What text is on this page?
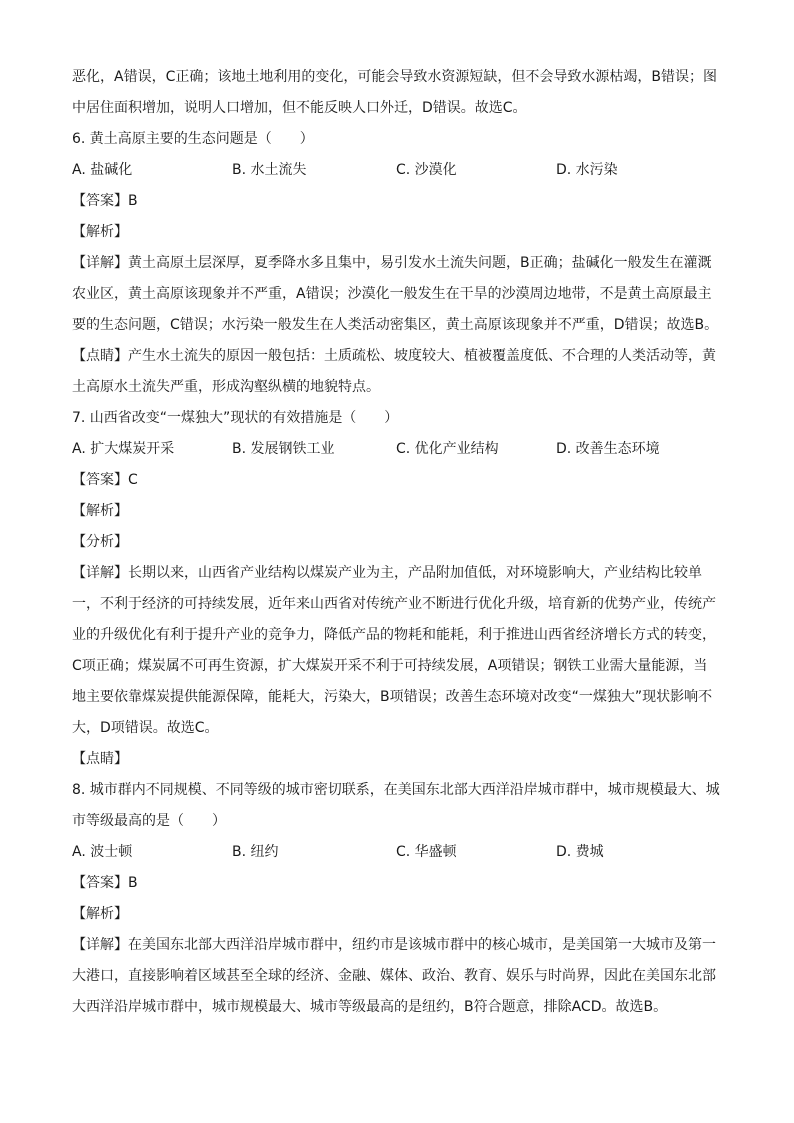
恶化，A错误，C正确；该地土地利用的变化，可能会导致水资源短缺，但不会导致水源枯竭，B错误；图
中居住面积增加，说明人口增加，但不能反映人口外迁，D错误。故选C。
6. 黄土高原主要的生态问题是（　　）
A. 盐碱化	B. 水土流失	C. 沙漠化	D. 水污染
【答案】B
【解析】
【详解】黄土高原土层深厚，夏季降水多且集中，易引发水土流失问题，B正确；盐碱化一般发生在灌溉
农业区，黄土高原该现象并不严重，A错误；沙漠化一般发生在干旱的沙漠周边地带，不是黄土高原最主
要的生态问题，C错误；水污染一般发生在人类活动密集区，黄土高原该现象并不严重，D错误；故选B。
【点睛】产生水土流失的原因一般包括：土质疏松、坡度较大、植被覆盖度低、不合理的人类活动等，黄
土高原水土流失严重，形成沟壑纵横的地貌特点。
7. 山西省改变“一煤独大”现状的有效措施是（　　）
A. 扩大煤炭开采	B. 发展钢铁工业	C. 优化产业结构	D. 改善生态环境
【答案】C
【解析】
【分析】
【详解】长期以来，山西省产业结构以煤炭产业为主，产品附加值低，对环境影响大，产业结构比较单
一，不利于经济的可持续发展，近年来山西省对传统产业不断进行优化升级，培育新的优势产业，传统产
业的升级优化有利于提升产业的竞争力，降低产品的物耗和能耗，利于推进山西省经济增长方式的转变，
C项正确；煤炭属不可再生资源，扩大煤炭开采不利于可持续发展，A项错误；钢铁工业需大量能源，当
地主要依靠煤炭提供能源保障，能耗大，污染大，B项错误；改善生态环境对改变“一煤独大”现状影响不
大，D项错误。故选C。
【点睛】
8. 城市群内不同规模、不同等级的城市密切联系，在美国东北部大西洋沿岸城市群中，城市规模最大、城
市等级最高的是（　　）
A. 波士顿	B. 纽约	C. 华盛顿	D. 费城
【答案】B
【解析】
【详解】在美国东北部大西洋沿岸城市群中，纽约市是该城市群中的核心城市，是美国第一大城市及第一
大港口，直接影响着区域甚至全球的经济、金融、媒体、政治、教育、娱乐与时尚界，因此在美国东北部
大西洋沿岸城市群中，城市规模最大、城市等级最高的是纽约，B符合题意，排除ACD。故选B。
